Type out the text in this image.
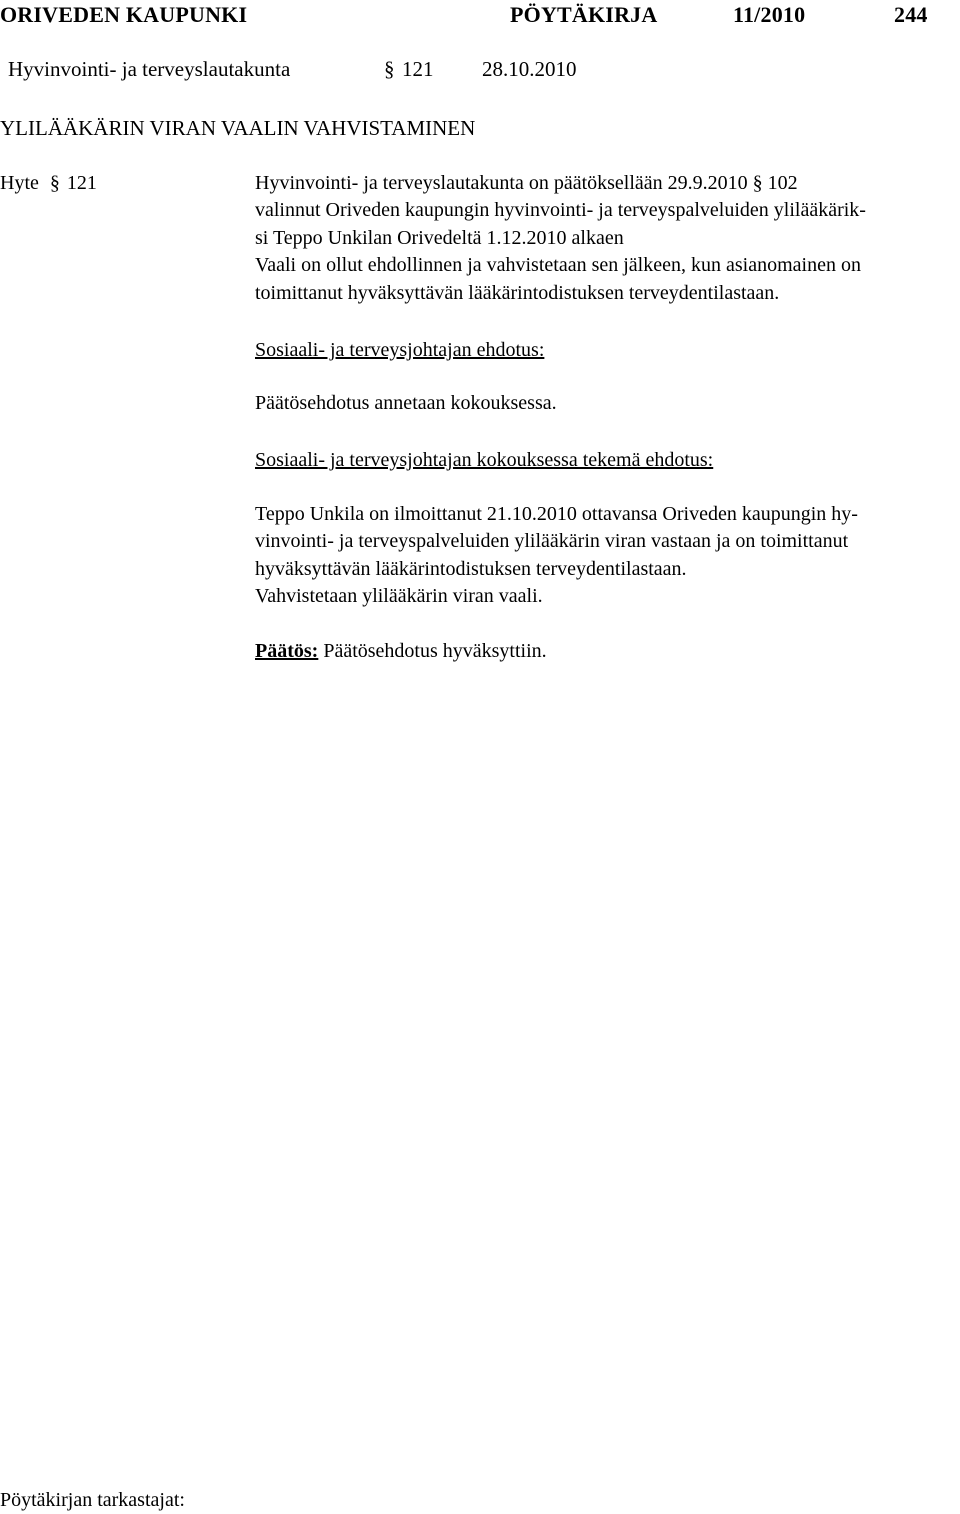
ORIVEDEN KAUPUNKI	PÖYTÄKIRJA	11/2010	244
Hyvinvointi- ja terveyslautakunta	§ 121 28.10.2010
YLILÄÄKÄRIN VIRAN VAALIN VAHVISTAMINEN
Hyte § 121	Hyvinvointi- ja terveyslautakunta on päätöksellään 29.9.2010 § 102
valinnut Oriveden kaupungin hyvinvointi- ja terveyspalveluiden ylilääkärik-
si Teppo Unkilan Orivedeltä 1.12.2010 alkaen
Vaali on ollut ehdollinnen ja vahvistetaan sen jälkeen, kun asianomainen on
toimittanut hyväksyttävän lääkärintodistuksen terveydentilastaan.
Sosiaali- ja terveysjohtajan ehdotus:
Päätösehdotus annetaan kokouksessa.
Sosiaali- ja terveysjohtajan kokouksessa tekemä ehdotus:
Teppo Unkila on ilmoittanut 21.10.2010 ottavansa Oriveden kaupungin hy-
vinvointi- ja terveyspalveluiden ylilääkärin viran vastaan ja on toimittanut
hyväksyttävän lääkärintodistuksen terveydentilastaan.
Vahvistetaan ylilääkärin viran vaali.
Päätös: Päätösehdotus hyväksyttiin.
Pöytäkirjan tarkastajat:
